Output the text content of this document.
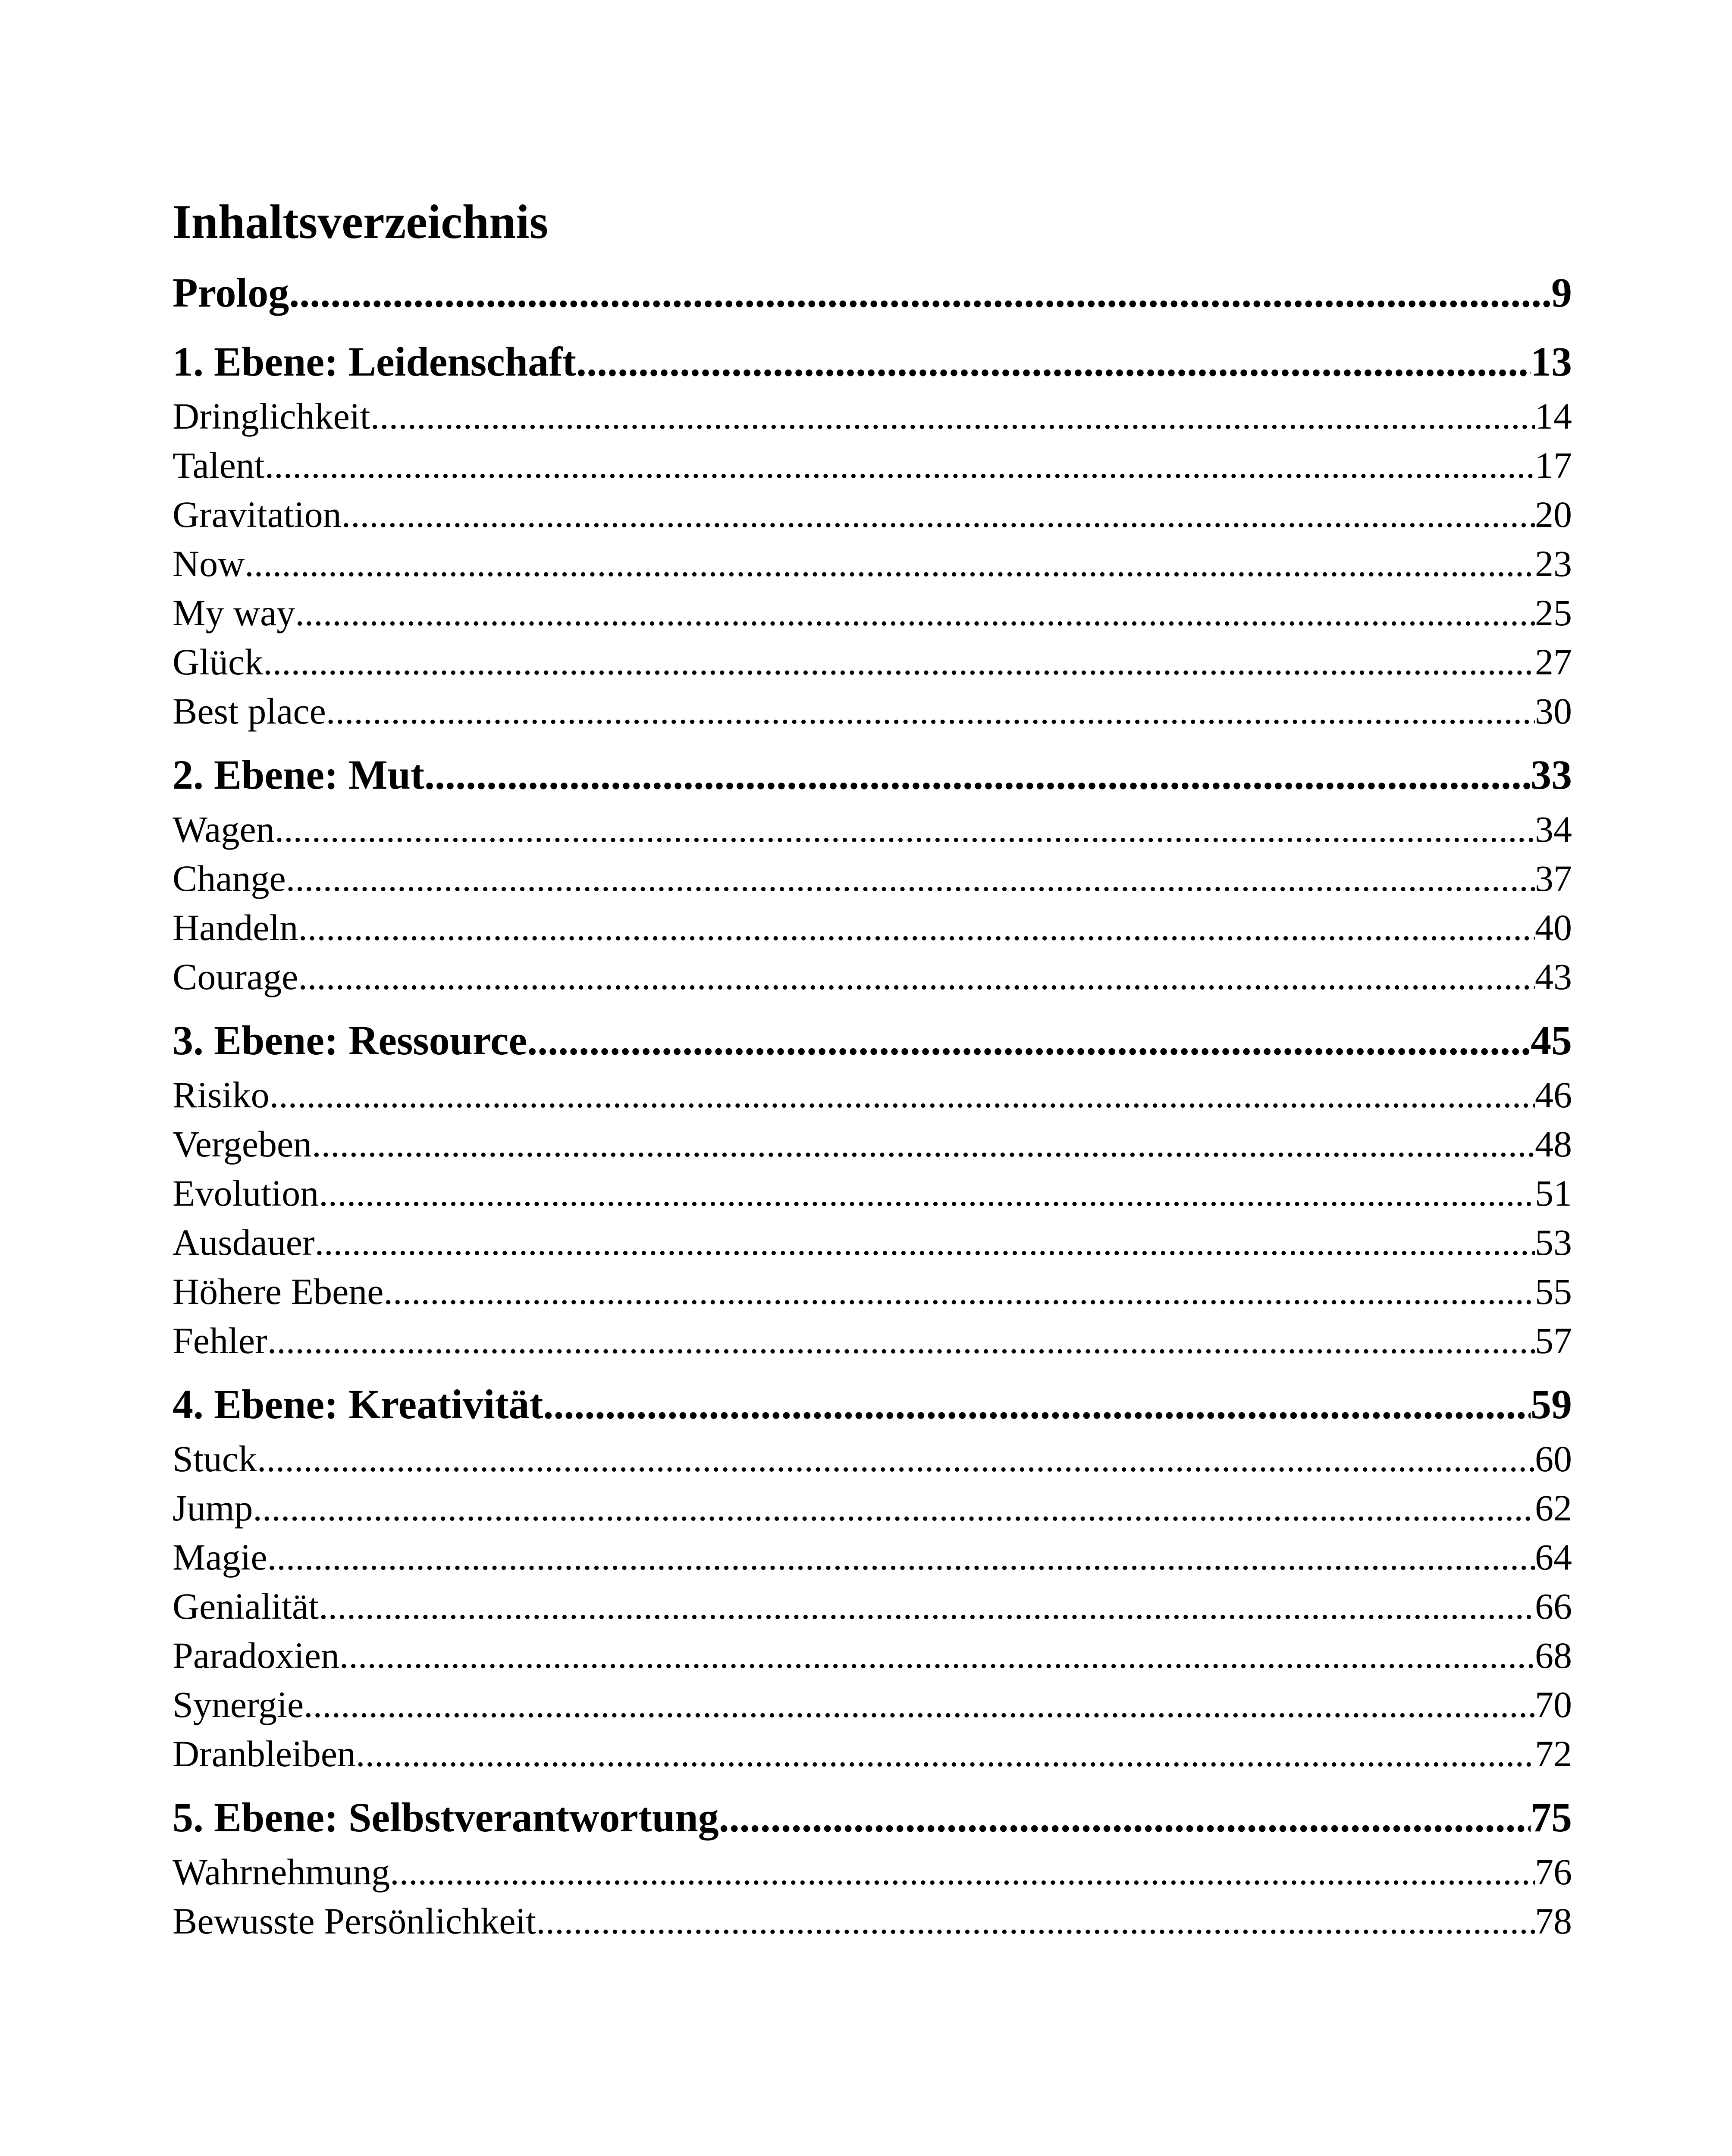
Inhaltsverzeichnis
Prolog .....	9
1. Ebene: Leidenschaft .....	13
Dringlichkeit .....	14
Talent .....	17
Gravitation .....	20
Now .....	23
My way .....	25
Glück .....	27
Best place .....	30
2. Ebene: Mut .....	33
Wagen .....	34
Change .....	37
Handeln .....	40
Courage .....	43
3. Ebene: Ressource .....	45
Risiko .....	46
Vergeben .....	48
Evolution .....	51
Ausdauer .....	53
Höhere Ebene .....	55
Fehler .....	57
4. Ebene: Kreativität .....	59
Stuck .....	60
Jump .....	62
Magie .....	64
Genialität .....	66
Paradoxien .....	68
Synergie .....	70
Dranbleiben .....	72
5. Ebene: Selbstverantwortung .....	75
Wahrnehmung .....	76
Bewusste Persönlichkeit .....	78
